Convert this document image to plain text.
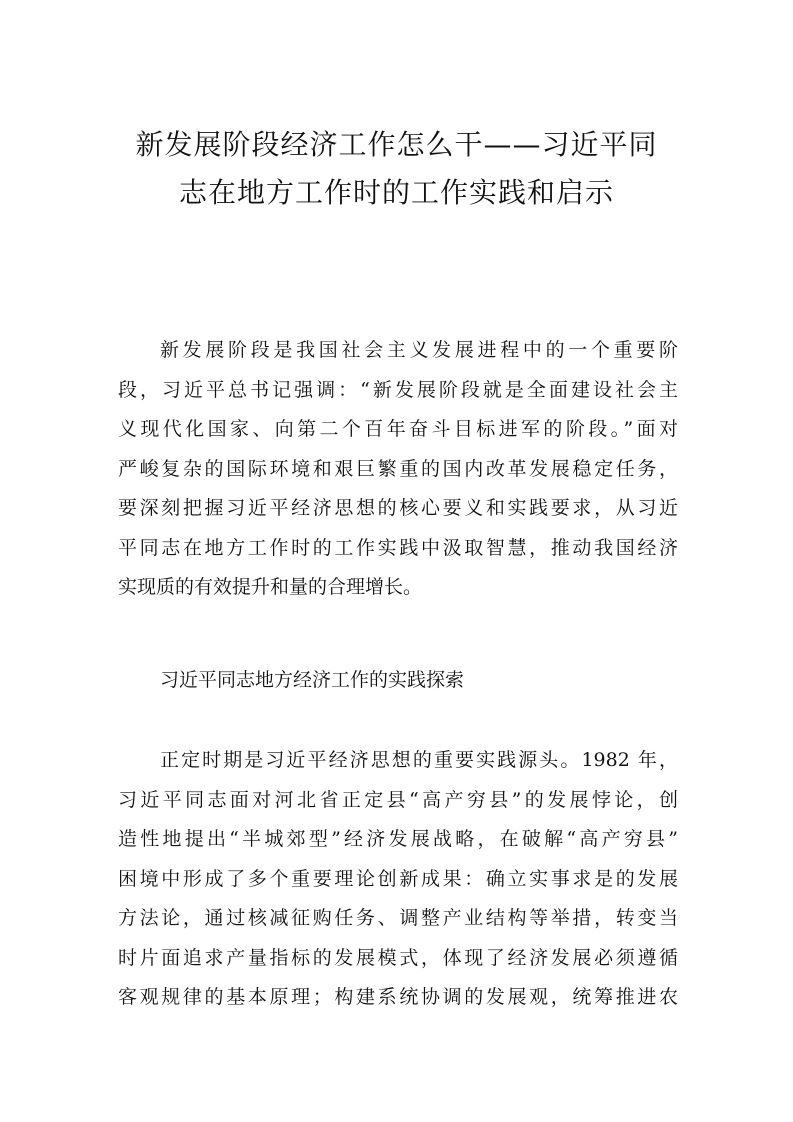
新发展阶段经济工作怎么干——习近平同
志在地方工作时的工作实践和启示
新发展阶段是我国社会主义发展进程中的一个重要阶
段，习近平总书记强调：“新发展阶段就是全面建设社会主
义现代化国家、向第二个百年奋斗目标进军的阶段。”面对
严峻复杂的国际环境和艰巨繁重的国内改革发展稳定任务，
要深刻把握习近平经济思想的核心要义和实践要求，从习近
平同志在地方工作时的工作实践中汲取智慧，推动我国经济
实现质的有效提升和量的合理增长。
习近平同志地方经济工作的实践探索
正定时期是习近平经济思想的重要实践源头。1982 年，
习近平同志面对河北省正定县“高产穷县”的发展悖论，创
造性地提出“半城郊型”经济发展战略，在破解“高产穷县”
困境中形成了多个重要理论创新成果：确立实事求是的发展
方法论，通过核减征购任务、调整产业结构等举措，转变当
时片面追求产量指标的发展模式，体现了经济发展必须遵循
客观规律的基本原理；构建系统协调的发展观，统筹推进农
